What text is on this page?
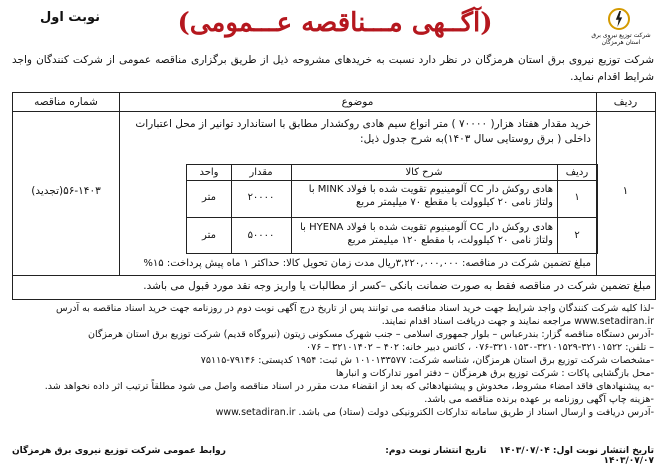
شرکت توزیع نیروی برق
استان هرمزگان
(آگــهی مـــناقصه عـــمومی)
نوبت اول
شرکت توزیع نیروی برق استان هرمزگان در نظر دارد نسبت به خریدهای مشروحه ذیل از طریق برگزاری مناقصه عمومی از شرکت کنندگان واجد شرایط اقدام نماید.
ردیف
موضوع
شماره مناقصه
۱
۵۶-۱۴۰۳(تجدید)
خرید مقدار هفتاد هزار( ۷۰۰۰۰ ) متر انواع سیم هادی روکشدار مطابق با استاندارد توانیر از محل اعتبارات داخلی ( برق روستایی سال ۱۴۰۳)به شرح جدول ذیل:
مبلغ تضمین شرکت در مناقصه: ۳,۲۲۰,۰۰۰,۰۰۰ریال مدت زمان تحویل کالا: حداکثر ۱ ماه پیش پرداخت: ۱۵%
مبلغ تضمین شرکت در مناقصه فقط به صورت ضمانت بانکی –کسر از مطالبات یا واریز وجه نقد مورد قبول می باشد.
ردیف
شرح کالا
مقدار
واحد
۱
هادی روکش دار CC آلومینیوم تقویت شده با فولاد MINK با ولتاژ نامی ۲۰ کیلوولت با مقطع ۷۰ میلیمتر مربع
۲۰۰۰۰
متر
۲
هادی روکش دار CC آلومینیوم تقویت شده با فولاد HYENA با ولتاژ نامی ۲۰ کیلوولت، با مقطع ۱۲۰ میلیمتر مربع
۵۰۰۰۰
متر
-لذا کلیه شرکت کنندگان واجد شرایط جهت خرید اسناد مناقصه می توانند پس از تاریخ درج آگهی نوبت دوم در روزنامه جهت خرید اسناد مناقصه به آدرس www.setadiran.ir مراجعه نمایند و جهت دریافت اسناد اقدام نمایند.
-آدرس دستگاه مناقصه گزار: بندرعباس – بلوار جمهوری اسلامی – جنب شهرک مسکونی زیتون (نیروگاه قدیم) شرکت توزیع برق استان هرمزگان
– تلفن: ۳۲۱۰۱۵۲۲-۳۲۱۰۱۵۲۹-۳۲۱۰۱۵۳۰-۰۷۶ ، کاتس دبیر خانه: ۴۰۲ – ۳۲۱۰۱۴۰۲ – ۰۷۶
-مشخصات شرکت توزیع برق استان هرمزگان، شناسه شرکت: ۱۰۱۰۱۳۳۵۷۷ ش ثبت: ۱۹۵۴ کدپستی: ۷۹۱۴۶-۷۵۱۱۵
-محل بازگشایی پاکات : شرکت توزیع برق هرمزگان – دفتر امور تدارکات و انبارها
-به پیشنهادهای فاقد امضاء مشروط، مخدوش و پیشنهادهائی که بعد از انقضاء مدت مقرر در اسناد مناقصه واصل می شود مطلقاً ترتیب اثر داده نخواهد شد.
-هزینه چاپ آگهی روزنامه بر عهده برنده مناقصه می باشد.
-آدرس دریافت و ارسال اسناد از طریق سامانه تدارکات الکترونیکی دولت (ستاد) می باشد. www.setadiran.ir
تاریخ انتشار نوبت اول: ۱۴۰۳/۰۷/۰۴    تاریخ انتشار نوبت دوم: ۱۴۰۳/۰۷/۰۷
روابط عمومی شرکت توزیع نیروی برق هرمزگان
